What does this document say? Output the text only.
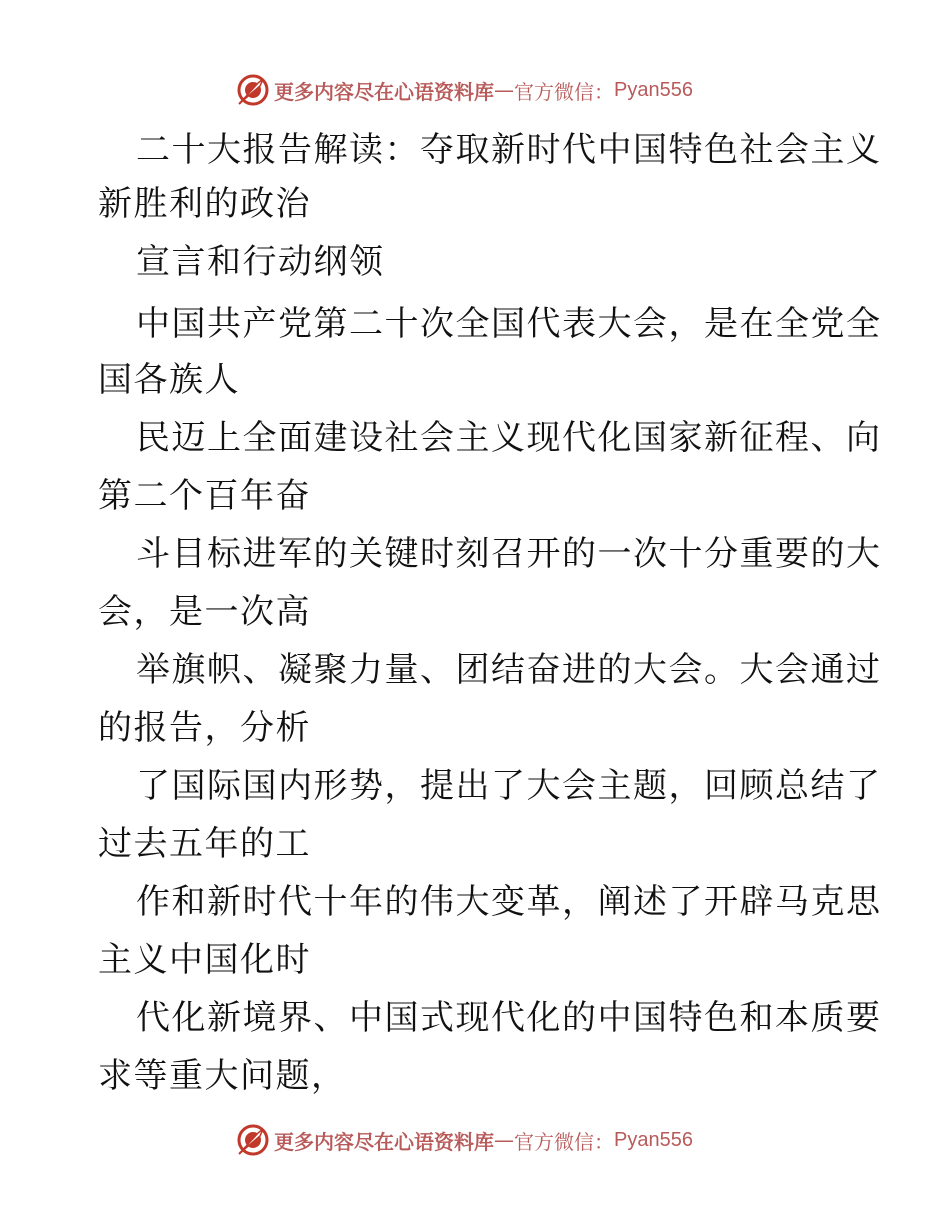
更多内容尽在心语资料库 — 官方微信： Pyan556
二十大报告解读：夺取新时代中国特色社会主义
新胜利的政治
宣言和行动纲领
中国共产党第二十次全国代表大会，是在全党全
国各族人
民迈上全面建设社会主义现代化国家新征程、向
第二个百年奋
斗目标进军的关键时刻召开的一次十分重要的大
会，是一次高
举旗帜、凝聚力量、团结奋进的大会。大会通过
的报告，分析
了国际国内形势，提出了大会主题，回顾总结了
过去五年的工
作和新时代十年的伟大变革，阐述了开辟马克思
主义中国化时
代化新境界、中国式现代化的中国特色和本质要
求等重大问题，
更多内容尽在心语资料库 — 官方微信： Pyan556
